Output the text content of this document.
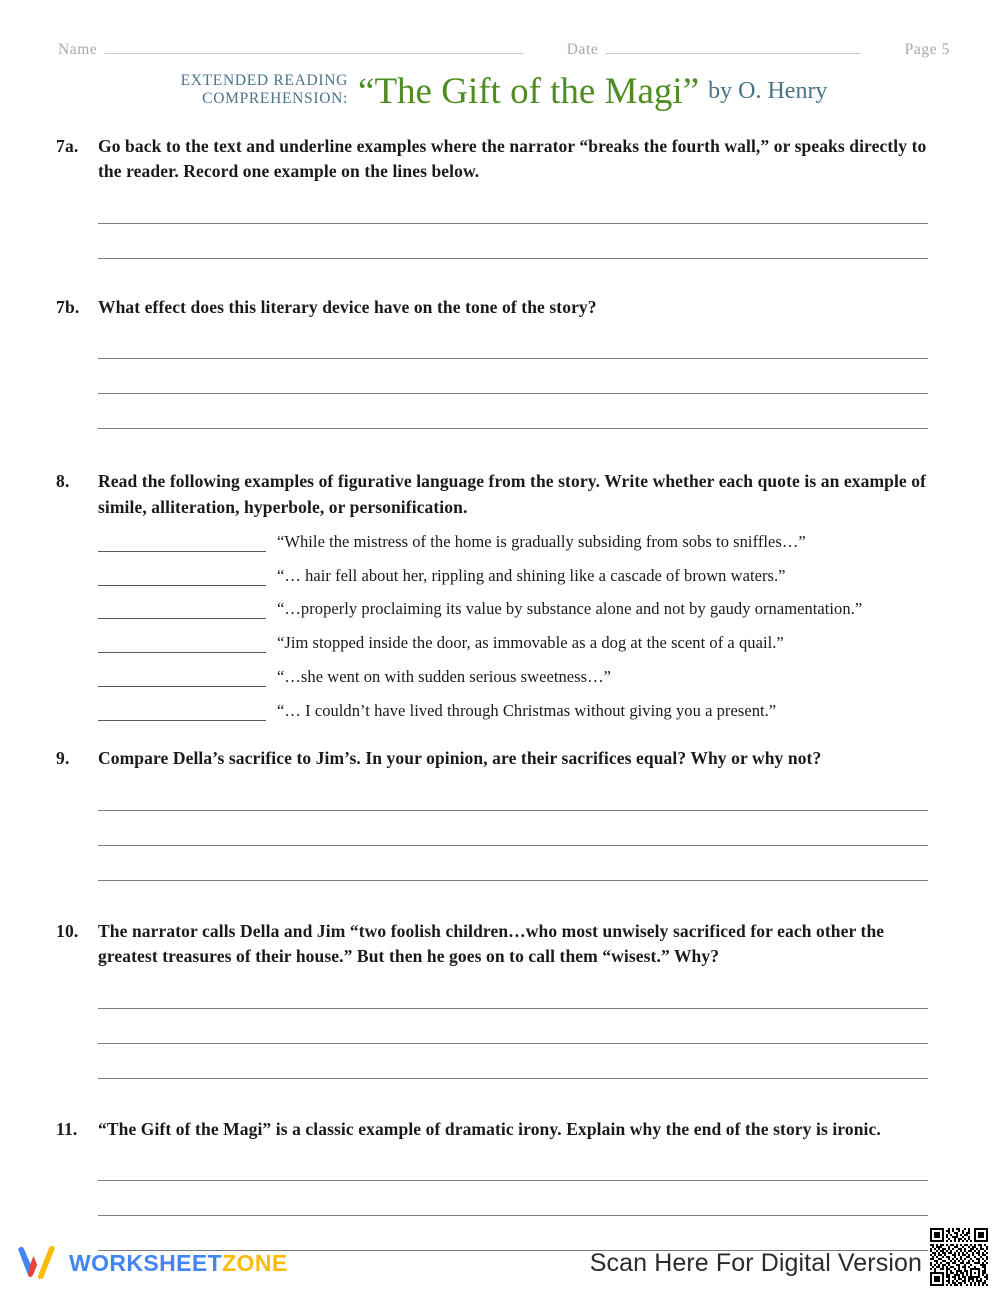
Name	Date	Page 5
EXTENDED READING
COMPREHENSION: “The Gift of the Magi” by O. Henry
7a.	Go back to the text and underline examples where the narrator “breaks the fourth wall,” or speaks directly to the reader. Record one example on the lines below.
7b.	What effect does this literary device have on the tone of the story?
8.	Read the following examples of figurative language from the story. Write whether each quote is an example of simile, alliteration, hyperbole, or personification.
“While the mistress of the home is gradually subsiding from sobs to sniffles…”
“… hair fell about her, rippling and shining like a cascade of brown waters.”
“…properly proclaiming its value by substance alone and not by gaudy ornamentation.”
“Jim stopped inside the door, as immovable as a dog at the scent of a quail.”
“…she went on with sudden serious sweetness…”
“… I couldn’t have lived through Christmas without giving you a present.”
9.	Compare Della’s sacrifice to Jim’s. In your opinion, are their sacrifices equal? Why or why not?
10.	The narrator calls Della and Jim “two foolish children…who most unwisely sacrificed for each other the greatest treasures of their house.” But then he goes on to call them “wisest.” Why?
11.	“The Gift of the Magi” is a classic example of dramatic irony. Explain why the end of the story is ironic.
WORKSHEETZONE	Scan Here For Digital Version
